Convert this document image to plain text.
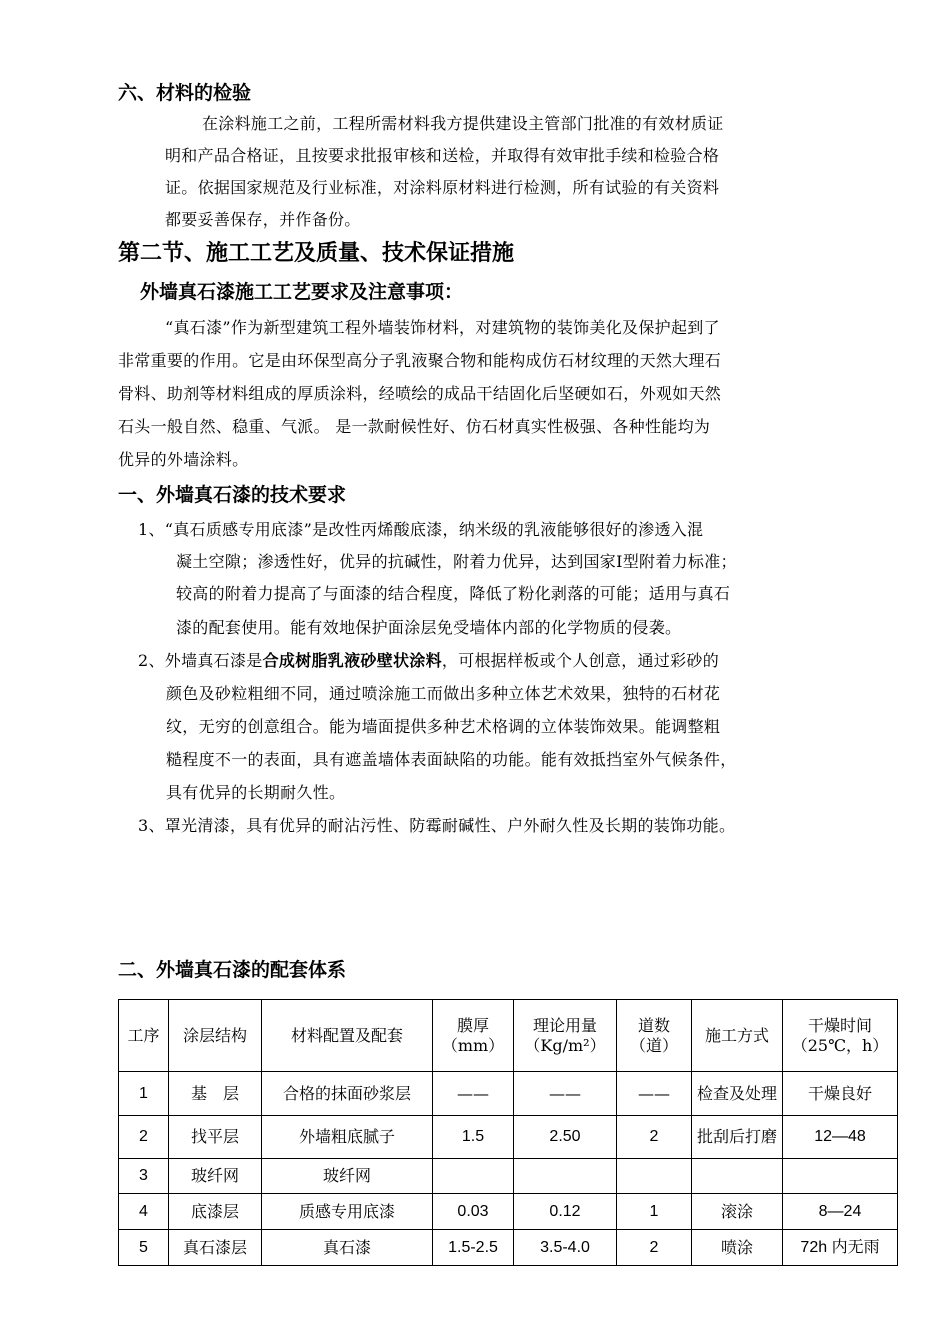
六、材料的检验
在涂料施工之前，工程所需材料我方提供建设主管部门批准的有效材质证
明和产品合格证，且按要求批报审核和送检，并取得有效审批手续和检验合格
证。依据国家规范及行业标准，对涂料原材料进行检测，所有试验的有关资料
都要妥善保存，并作备份。
第二节、施工工艺及质量、技术保证措施
外墙真石漆施工工艺要求及注意事项：
“真石漆”作为新型建筑工程外墙装饰材料，对建筑物的装饰美化及保护起到了
非常重要的作用。它是由环保型高分子乳液聚合物和能构成仿石材纹理的天然大理石
骨料、助剂等材料组成的厚质涂料，经喷绘的成品干结固化后坚硬如石，外观如天然
石头一般自然、稳重、气派。 是一款耐候性好、仿石材真实性极强、各种性能均为
优异的外墙涂料。
一、外墙真石漆的技术要求
1、“真石质感专用底漆”是改性丙烯酸底漆，纳米级的乳液能够很好的渗透入混
凝土空隙；渗透性好，优异的抗碱性，附着力优异，达到国家Ⅰ型附着力标准；
较高的附着力提高了与面漆的结合程度，降低了粉化剥落的可能；适用与真石
漆的配套使用。能有效地保护面涂层免受墙体内部的化学物质的侵袭。
2、外墙真石漆是合成树脂乳液砂壁状涂料，可根据样板或个人创意，通过彩砂的
颜色及砂粒粗细不同，通过喷涂施工而做出多种立体艺术效果，独特的石材花
纹，无穷的创意组合。能为墙面提供多种艺术格调的立体装饰效果。能调整粗
糙程度不一的表面，具有遮盖墙体表面缺陷的功能。能有效抵挡室外气候条件，
具有优异的长期耐久性。
3、罩光清漆，具有优异的耐沾污性、防霉耐碱性、户外耐久性及长期的装饰功能。
二、外墙真石漆的配套体系
工序	涂层结构	材料配置及配套	膜厚（mm）	理论用量（Kg/m²）	道数（道）	施工方式	干燥时间（25℃，h）
1	基　层	合格的抹面砂浆层	——	——	——	检查及处理	干燥良好
2	找平层	外墙粗底腻子	1.5	2.50	2	批刮后打磨	12—48
3	玻纤网	玻纤网					
4	底漆层	质感专用底漆	0.03	0.12	1	滚涂	8—24
5	真石漆层	真石漆	1.5-2.5	3.5-4.0	2	喷涂	72h 内无雨
